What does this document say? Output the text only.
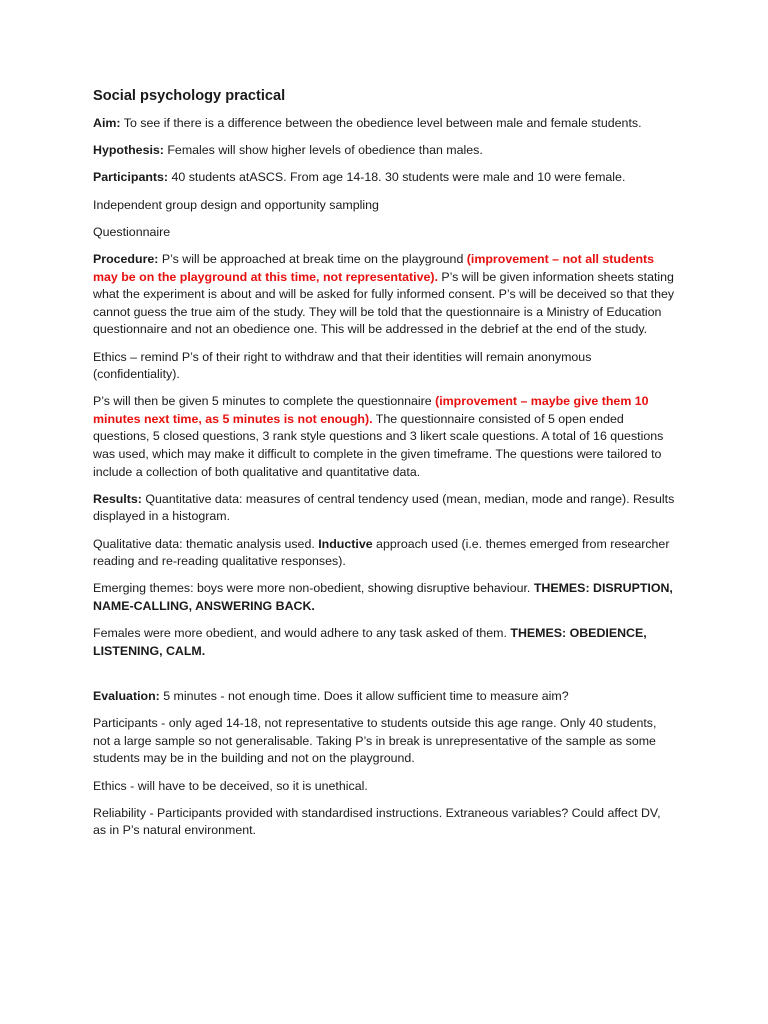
Social psychology practical

Aim: To see if there is a difference between the obedience level between male and female students.

Hypothesis: Females will show higher levels of obedience than males.

Participants: 40 students atASCS. From age 14-18. 30 students were male and 10 were female.

Independent group design and opportunity sampling

Questionnaire

Procedure: P’s will be approached at break time on the playground (improvement – not all students may be on the playground at this time, not representative). P’s will be given information sheets stating what the experiment is about and will be asked for fully informed consent. P’s will be deceived so that they cannot guess the true aim of the study. They will be told that the questionnaire is a Ministry of Education questionnaire and not an obedience one. This will be addressed in the debrief at the end of the study.

Ethics – remind P’s of their right to withdraw and that their identities will remain anonymous (confidentiality).

P’s will then be given 5 minutes to complete the questionnaire (improvement – maybe give them 10 minutes next time, as 5 minutes is not enough). The questionnaire consisted of 5 open ended questions, 5 closed questions, 3 rank style questions and 3 likert scale questions. A total of 16 questions was used, which may make it difficult to complete in the given timeframe. The questions were tailored to include a collection of both qualitative and quantitative data.

Results: Quantitative data: measures of central tendency used (mean, median, mode and range). Results displayed in a histogram.

Qualitative data: thematic analysis used. Inductive approach used (i.e. themes emerged from researcher reading and re-reading qualitative responses).

Emerging themes: boys were more non-obedient, showing disruptive behaviour. THEMES: DISRUPTION, NAME-CALLING, ANSWERING BACK.

Females were more obedient, and would adhere to any task asked of them. THEMES: OBEDIENCE, LISTENING, CALM.

Evaluation: 5 minutes - not enough time. Does it allow sufficient time to measure aim?

Participants - only aged 14-18, not representative to students outside this age range. Only 40 students, not a large sample so not generalisable. Taking P’s in break is unrepresentative of the sample as some students may be in the building and not on the playground.

Ethics - will have to be deceived, so it is unethical.

Reliability - Participants provided with standardised instructions. Extraneous variables? Could affect DV, as in P’s natural environment.
